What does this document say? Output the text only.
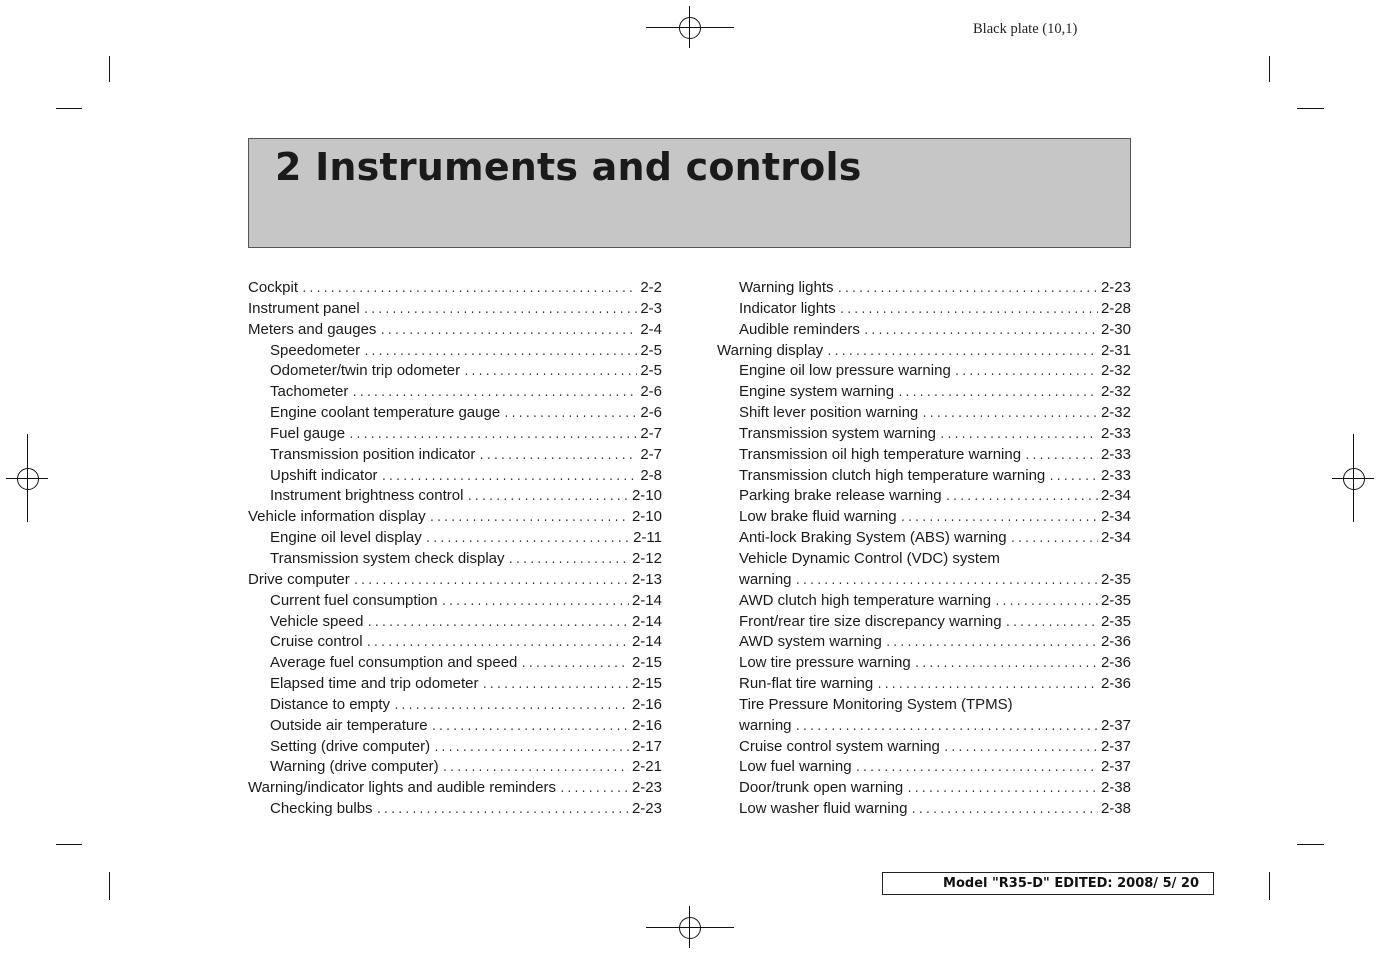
Black plate (10,1)
2 Instruments and controls
Cockpit .....	2-2
Instrument panel .....	2-3
Meters and gauges .....	2-4
Speedometer .....	2-5
Odometer/twin trip odometer .....	2-5
Tachometer .....	2-6
Engine coolant temperature gauge .....	2-6
Fuel gauge .....	2-7
Transmission position indicator .....	2-7
Upshift indicator .....	2-8
Instrument brightness control .....	2-10
Vehicle information display .....	2-10
Engine oil level display .....	2-11
Transmission system check display .....	2-12
Drive computer .....	2-13
Current fuel consumption .....	2-14
Vehicle speed .....	2-14
Cruise control .....	2-14
Average fuel consumption and speed .....	2-15
Elapsed time and trip odometer .....	2-15
Distance to empty .....	2-16
Outside air temperature .....	2-16
Setting (drive computer) .....	2-17
Warning (drive computer) .....	2-21
Warning/indicator lights and audible reminders .....	2-23
Checking bulbs .....	2-23
Warning lights .....	2-23
Indicator lights .....	2-28
Audible reminders .....	2-30
Warning display .....	2-31
Engine oil low pressure warning .....	2-32
Engine system warning .....	2-32
Shift lever position warning .....	2-32
Transmission system warning .....	2-33
Transmission oil high temperature warning .....	2-33
Transmission clutch high temperature warning .....	2-33
Parking brake release warning .....	2-34
Low brake fluid warning .....	2-34
Anti-lock Braking System (ABS) warning .....	2-34
Vehicle Dynamic Control (VDC) system
warning .....	2-35
AWD clutch high temperature warning .....	2-35
Front/rear tire size discrepancy warning .....	2-35
AWD system warning .....	2-36
Low tire pressure warning .....	2-36
Run-flat tire warning .....	2-36
Tire Pressure Monitoring System (TPMS)
warning .....	2-37
Cruise control system warning .....	2-37
Low fuel warning .....	2-37
Door/trunk open warning .....	2-38
Low washer fluid warning .....	2-38
Model "R35-D" EDITED: 2008/ 5/ 20
